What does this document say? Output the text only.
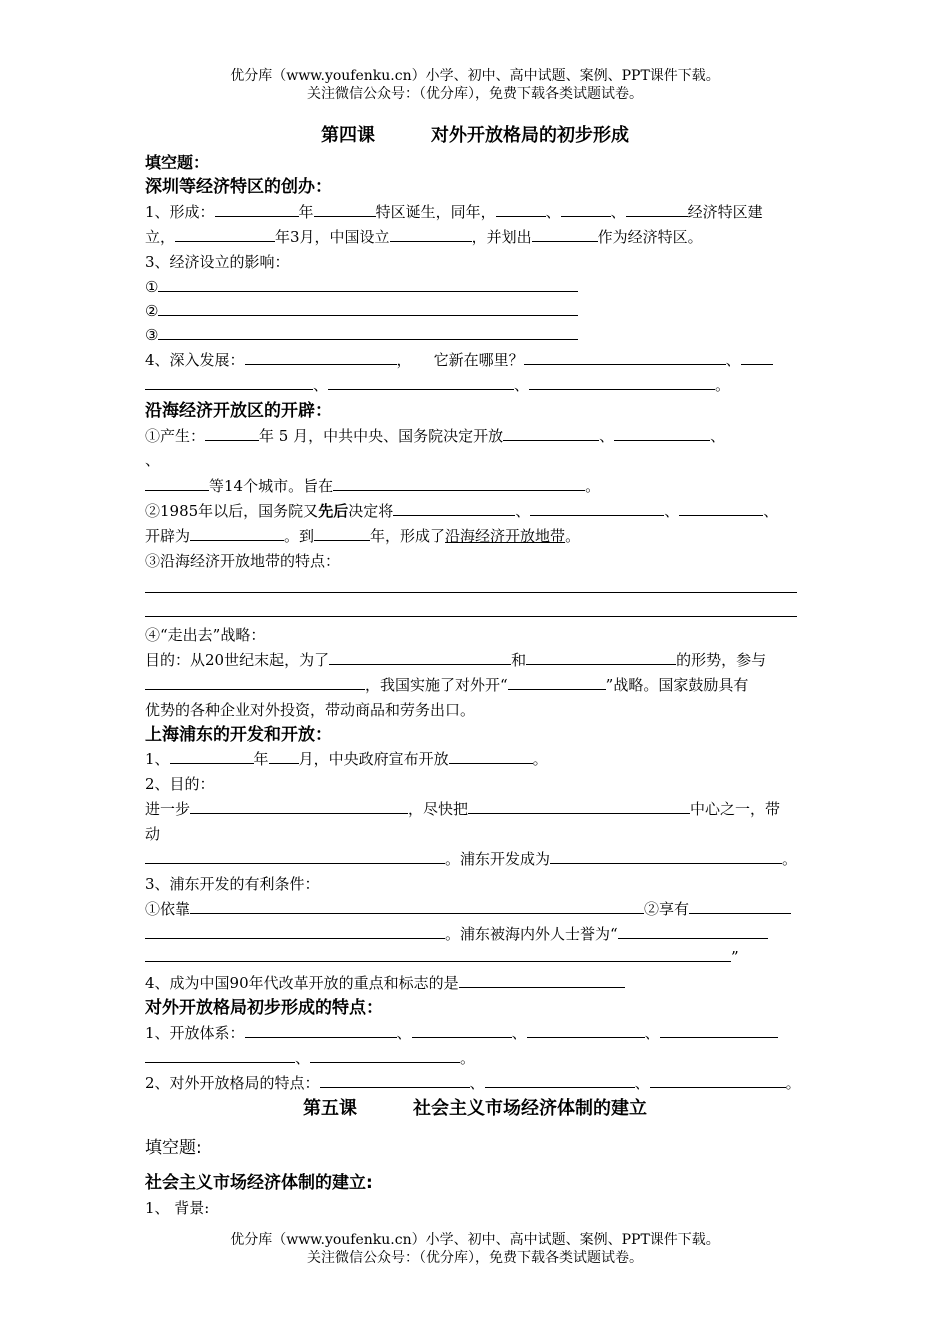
优分库（www.youfenku.cn）小学、初中、高中试题、案例、PPT课件下载。
关注微信公众号：（优分库），免费下载各类试题试卷。
第四课	对外开放格局的初步形成
填空题：
深圳等经济特区的创办：
1、形成：	年	特区诞生，同年，	、	、	经济特区建
立，	年3月，中国设立	，并划出	作为经济特区。
3、经济设立的影响：
①
②
③
4、深入发展：	， 它新在哪里？	、
、	、	。
沿海经济开放区的开辟：
①产生：	年 5 月，中共中央、国务院决定开放	、	、
、
等14个城市。旨在	。
②1985年以后，国务院又先后决定将	、	、	、
开辟为	。到	年，形成了沿海经济开放地带。
③沿海经济开放地带的特点：
④“走出去”战略：
目的：从20世纪末起，为了	和	的形势，参与
，我国实施了对外开“	”战略。国家鼓励具有
优势的各种企业对外投资，带动商品和劳务出口。
上海浦东的开发和开放：
1、	年 月，中央政府宣布开放	。
2、目的：
进一步	，尽快把	中心之一，带
动
。浦东开发成为	。
3、浦东开发的有利条件：
①依靠	②享有
。浦东被海内外人士誉为“
”
4、成为中国90年代改革开放的重点和标志的是
对外开放格局初步形成的特点：
1、开放体系：	、	、	、
、	。
2、对外开放格局的特点：	、	、	。
第五课	社会主义市场经济体制的建立
填空题:
社会主义市场经济体制的建立:
1、 背景:
优分库（www.youfenku.cn）小学、初中、高中试题、案例、PPT课件下载。
关注微信公众号：（优分库），免费下载各类试题试卷。
